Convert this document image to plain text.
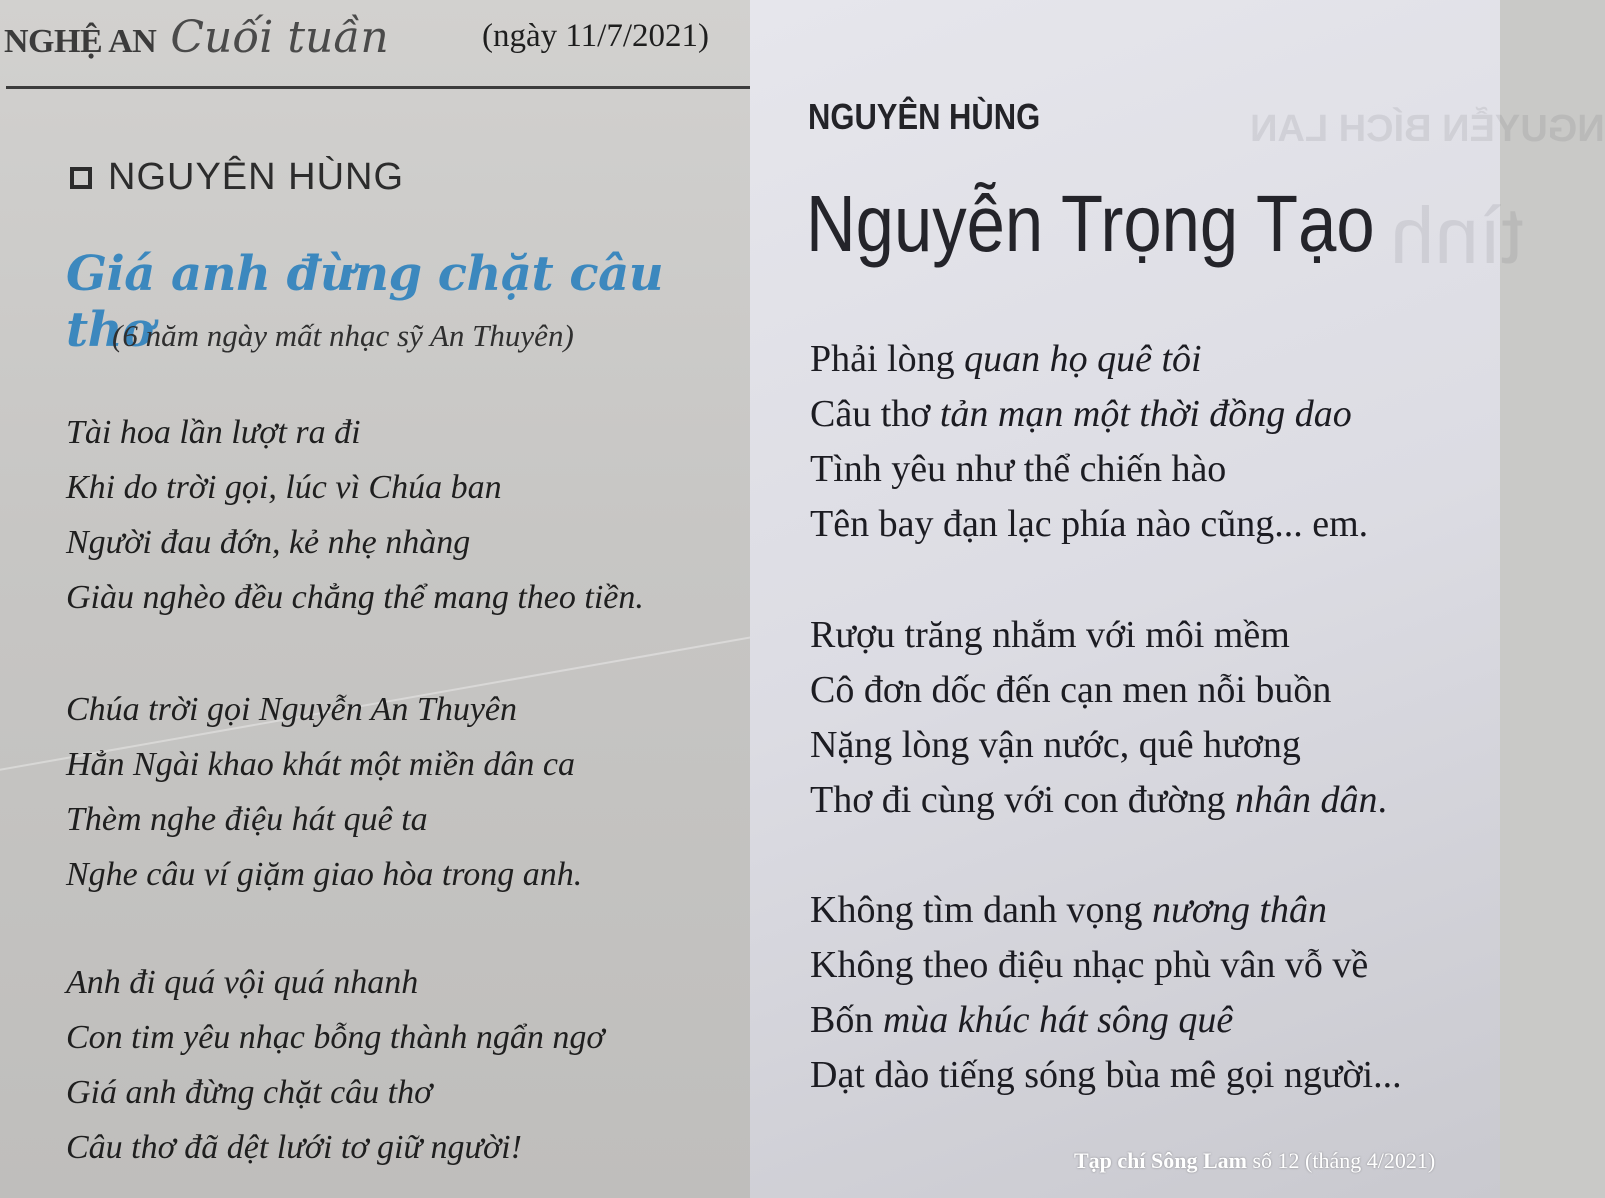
NGHỆ AN Cuối tuần	(ngày 11/7/2021)
NGUYÊN HÙNG
Giá anh đừng chặt câu thơ
(6 năm ngày mất nhạc sỹ An Thuyên)
Tài hoa lần lượt ra đi
Khi do trời gọi, lúc vì Chúa ban
Người đau đớn, kẻ nhẹ nhàng
Giàu nghèo đều chẳng thể mang theo tiền.
Chúa trời gọi Nguyễn An Thuyên
Hẳn Ngài khao khát một miền dân ca
Thèm nghe điệu hát quê ta
Nghe câu ví giặm giao hòa trong anh.
Anh đi quá vội quá nhanh
Con tim yêu nhạc bỗng thành ngẩn ngơ
Giá anh đừng chặt câu thơ
Câu thơ đã dệt lưới tơ giữ người!
NGUYỄN BÍCH LAN
tình
NGUYÊN HÙNG
Nguyễn Trọng Tạo
Phải lòng quan họ quê tôi
Câu thơ tản mạn một thời đồng dao
Tình yêu như thể chiến hào
Tên bay đạn lạc phía nào cũng... em.
Rượu trăng nhắm với môi mềm
Cô đơn dốc đến cạn men nỗi buồn
Nặng lòng vận nước, quê hương
Thơ đi cùng với con đường nhân dân.
Không tìm danh vọng nương thân
Không theo điệu nhạc phù vân vỗ về
Bốn mùa khúc hát sông quê
Dạt dào tiếng sóng bùa mê gọi người...
Tạp chí Sông Lam số 12 (tháng 4/2021)
